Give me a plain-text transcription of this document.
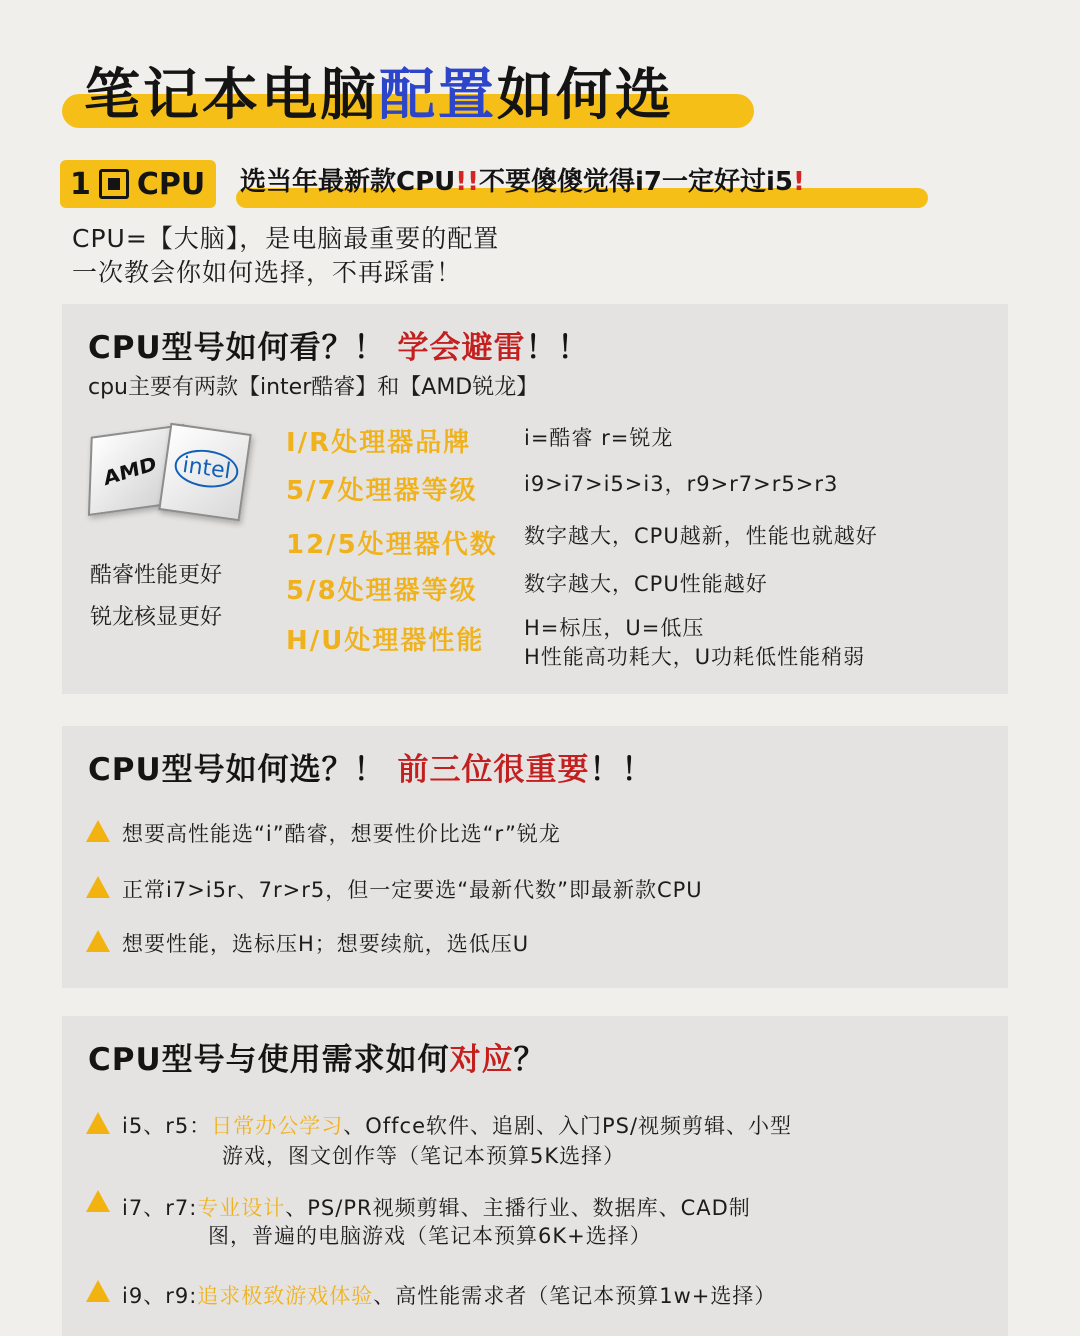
笔记本电脑配置如何选
1 CPU 选当年最新款CPU!!不要傻傻觉得i7一定好过i5!
CPU=【大脑】，是电脑最重要的配置
一次教会你如何选择，不再踩雷！
CPU型号如何看？！ 学会避雷！！
cpu主要有两款【inter酷睿】和【AMD锐龙】
AMD	intel
酷睿性能更好
锐龙核显更好
I/R处理器品牌	i=酷睿 r=锐龙
5/7处理器等级 i9>i7>i5>i3，r9>r7>r5>r3
12/5处理器代数 数字越大，CPU越新，性能也就越好
5/8处理器等级 数字越大，CPU性能越好
H/U处理器性能 H=标压，U=低压
H性能高功耗大，U功耗低性能稍弱
CPU型号如何选？！ 前三位很重要！！
想要高性能选“i”酷睿，想要性价比选“r”锐龙
正常i7>i5r、7r>r5，但一定要选“最新代数”即最新款CPU
想要性能，选标压H；想要续航，选低压U
CPU型号与使用需求如何对应？
i5、r5：日常办公学习、Offce软件、追剧、入门PS/视频剪辑、小型
游戏，图文创作等（笔记本预算5K选择）
i7、r7:专业设计、PS/PR视频剪辑、主播行业、数据库、CAD制
图，普遍的电脑游戏（笔记本预算6K+选择）
i9、r9:追求极致游戏体验、高性能需求者（笔记本预算1w+选择）
